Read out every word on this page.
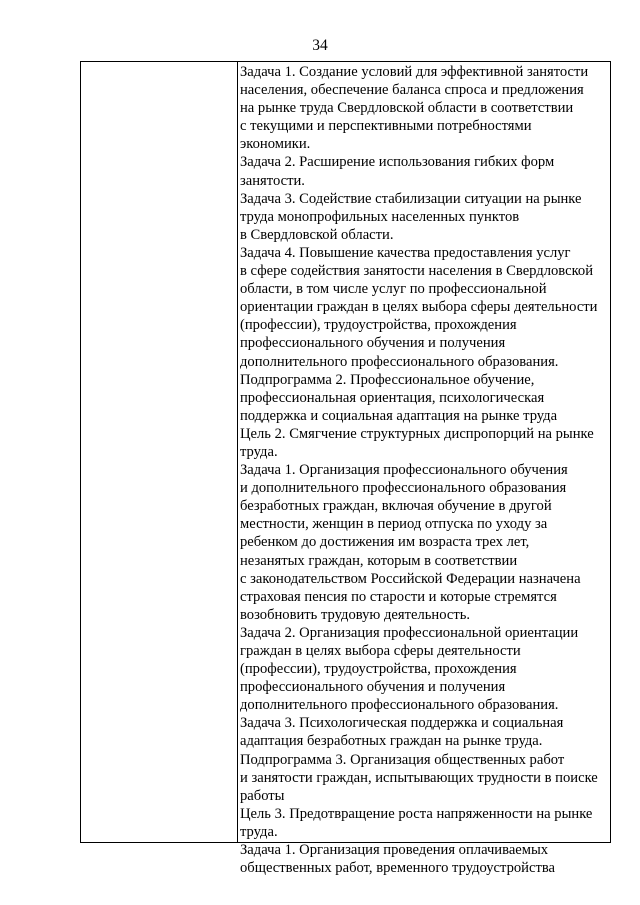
34
Задача 1. Создание условий для эффективной занятости
населения, обеспечение баланса спроса и предложения
на рынке труда Свердловской области в соответствии
с текущими и перспективными потребностями
экономики.
Задача 2. Расширение использования гибких форм
занятости.
Задача 3. Содействие стабилизации ситуации на рынке
труда монопрофильных населенных пунктов
в Свердловской области.
Задача 4. Повышение качества предоставления услуг
в сфере содействия занятости населения в Свердловской
области, в том числе услуг по профессиональной
ориентации граждан в целях выбора сферы деятельности
(профессии), трудоустройства, прохождения
профессионального обучения и получения
дополнительного профессионального образования.
Подпрограмма 2. Профессиональное обучение,
профессиональная ориентация, психологическая
поддержка и социальная адаптация на рынке труда
Цель 2. Смягчение структурных диспропорций на рынке
труда.
Задача 1. Организация профессионального обучения
и дополнительного профессионального образования
безработных граждан, включая обучение в другой
местности, женщин в период отпуска по уходу за
ребенком до достижения им возраста трех лет,
незанятых граждан, которым в соответствии
с законодательством Российской Федерации назначена
страховая пенсия по старости и которые стремятся
возобновить трудовую деятельность.
Задача 2. Организация профессиональной ориентации
граждан в целях выбора сферы деятельности
(профессии), трудоустройства, прохождения
профессионального обучения и получения
дополнительного профессионального образования.
Задача 3. Психологическая поддержка и социальная
адаптация безработных граждан на рынке труда.
Подпрограмма 3. Организация общественных работ
и занятости граждан, испытывающих трудности в поиске
работы
Цель 3. Предотвращение роста напряженности на рынке
труда.
Задача 1. Организация проведения оплачиваемых
общественных работ, временного трудоустройства
